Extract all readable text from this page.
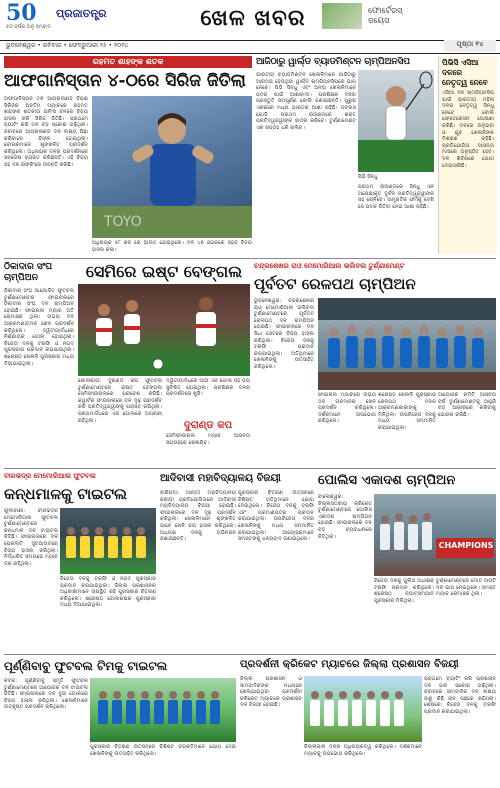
50
୫୦ ବର୍ଷର ଅନୁ ସମ୍ବାଦ
ପ୍ରଜାତନ୍ତ୍ର	ଖେଳ ଖବର	ଫୋର୍ଟେରସ୍
ଜୟେସ
ଭୁବନେଶ୍ୱର • ରବିବାର • ଫେବ୍ରୁଆରୀ ୨୫ • ୨୦୨୪	ପୃଷ୍ଠା ୧୪
ରହମତ ଶାହଙ୍କ ଶତକ
ଆଫଗାନିସ୍ତାନ ୪-୦ରେ ସିରିଜ ଜିତିଲା
ଅଫଗାନିସ୍ତାନ ଦଳ ଆୟରଲାଣ୍ଡ ବିପକ୍ଷ ସିରିଜର ଅନ୍ତିମ ମ୍ୟାଚରେ ରହମତ ଶାହଙ୍କ ଶତକୀୟ ଇନିଂସ ବଳରେ ବିଜୟ ହାସଲ କରି ସିରିଜ ଜିତିଛି। ପ୍ରଥମେ ବ୍ୟାଟିଂ କରି ଦଳ ବଡ଼ ସ୍କୋର ଗଢ଼ିଥିଲା। ଜବାବରେ ଆୟରଲାଣ୍ଡ ଦଳ ଲକ୍ଷ୍ୟ ପିଛା କରିବାରେ ବିଫଳ ହୋଇଥିଲା। ବୋଲରମାନେ ଶୃଙ୍ଖଳିତ ପ୍ରଦର୍ଶନ କରିଥିଲେ। ଅଧିନାୟକ ଦଳର ପ୍ରଦର୍ଶନରେ ସନ୍ତୋଷ ବ୍ୟକ୍ତ କରିଛନ୍ତି। ଏହି ବିଜୟ ସହ ଦଳ ରାଙ୍କିଂରେ ଉନ୍ନତି କରିଛି।
TOYO
ଅଧିନାୟକ ୫୮ ରନ ରେ ଆଉଟ ହୋଇଥିଲେ। ଦଳ ୪୭ ଓଭରରେ ସହଜ ବିଜୟ ହାସଲ କଲା।
ଆଜିଠାରୁ ୱାର୍ଲ୍ଡ ବ୍ୟାଡମିଣ୍ଟନ ଚାମ୍ପିଅନସିପ
ଭାରତୀୟ ବ୍ୟାଡମିଣ୍ଟନ ଖେଳାଳିମାନେ ଆଜିଠାରୁ ଆରମ୍ଭ ହେଉଥିବା ୱାର୍ଲ୍ଡ ଚାମ୍ପିଅନସିପରେ ଭାଗ ନେବେ। ପିଭି ସିନ୍ଧୁ ଏବଂ ଅନ୍ୟ ଖେଳାଳିମାନେ ପଦକ ପାଇଁ ଆଶାବାଦୀ। ପ୍ରଶିକ୍ଷକ ଦଳର ପ୍ରସ୍ତୁତି ସମ୍ପୂର୍ଣ୍ଣ ବୋଲି ଜଣାଇଛନ୍ତି। ପୁରୁଷ ଏକକରେ ମଧ୍ୟ ଭାରତର ଆଶା ରହିଛି। ଡବଲସ ଯୋଡ଼ି ପ୍ରଥମ ରାଉଣ୍ଡରେ ଶକ୍ତ ପ୍ରତିଦ୍ୱନ୍ଦ୍ୱୀଙ୍କ ସାମ୍ନା କରିବେ। ଟୁର୍ଣ୍ଣାମେଣ୍ଟ ଏକ ସପ୍ତାହ ଧରି ଚାଲିବ।
ପିଭି ସିନ୍ଧୁ
ପ୍ରଥମ ରାଉଣ୍ଡରେ ସିନ୍ଧୁ ଏକ ଅପେକ୍ଷାକୃତ ଦୁର୍ବଳ ପ୍ରତିଦ୍ୱନ୍ଦ୍ୱୀଙ୍କ ସହ ଖେଳିବେ। ସାମ୍ପ୍ରତିକ ଫର୍ମକୁ ଦେଖି ସେ ପଦକ ଜିତିବା ନେଇ ଆଶା ରହିଛି।
ପିଭିସି ଏସିଆ ଦଳରେ
ନେତୃତ୍ୱ ନେବେ
ଏସିଆ ଦଳ ଚାମ୍ପିଅନସିପ ପାଇଁ ଭାରତୀୟ ମହିଳା ଦଳର ନେତୃତ୍ୱ ସିନ୍ଧୁ ନେବେ ବୋଲି ଫେଡେରେସନ ଘୋଷଣା କରିଛି। ଦଳରେ ଅନୁଭବୀ ଓ ଯୁବ ଖେଳାଳିଙ୍କ ମିଶ୍ରଣ ରହିଛି। ପ୍ରତିଯୋଗିତା ଆସନ୍ତା ମାସରେ ଅନୁଷ୍ଠିତ ହେବ। ଦଳ ଶିବିରରେ ଯୋଗ ଦେଇସାରିଛି।
ଠିକାଦାର ସଂଘ ଚାମ୍ପିଅନ
ଠିକାଦାର ସଂଘ ଆୟୋଜିତ ଫୁଟବଲ ଟୁର୍ଣ୍ଣାମେଣ୍ଟର ଫାଇନାଲରେ ଠିକାଦାର ସଂଘ ଦଳ ଚାମ୍ପିଅନ ହୋଇଛି। ଫାଇନାଲ ମ୍ୟାଚ ଅତି ରୋମାଞ୍ଚକ ଥିଲା। ଉଭୟ ଦଳ ଆକ୍ରମଣାତ୍ମକ ଖେଳ ପ୍ରଦର୍ଶନ କରିଥିଲେ। ଦ୍ୱିତୀୟାର୍ଦ୍ଧରେ ନିର୍ଣ୍ଣାୟକ ଗୋଲ ହୋଇଥିଲା। ବିଜେତା ଦଳକୁ ଟ୍ରଫି ଓ ନଗଦ ପୁରସ୍କାର ପ୍ରଦାନ କରାଯାଇଥିଲା। ଶ୍ରେଷ୍ଠ ଖେଳାଳି ପୁରସ୍କାର ମଧ୍ୟ ଦିଆଯାଇଥିଲା।
ସେମିରେ ଇଷ୍ଟ ବେଙ୍ଗଲ
କୋଲକାତା: ଦୁରାଣ୍ଡ କପ ଫୁଟବଲ ଟୁର୍ଣ୍ଣାମେଣ୍ଟରେ ଇଷ୍ଟ ବେଙ୍ଗଲ ସେମିଫାଇନାଲରେ ପ୍ରବେଶ କରିଛି। କ୍ୱାର୍ଟର ଫାଇନାଲରେ ଦଳ ଦୃଢ଼ ପ୍ରଦର୍ଶନ କରି ପ୍ରତିଦ୍ୱନ୍ଦ୍ୱୀଙ୍କୁ ପରାସ୍ତ କରିଥିଲା। ପ୍ରଥମାର୍ଦ୍ଧରେ ଏକ ଗୋଲରେ ଅଗ୍ରଣୀ ରହିଥିଲା।
ଦ୍ୱିତୀୟାର୍ଦ୍ଧରେ ଆଉ ଏକ ଗୋଲ ସହ ଜୟ ସୁନିଶ୍ଚିତ ହୋଇଥିଲା। ପ୍ରଶିକ୍ଷକ ଦଳର ପ୍ରଦର୍ଶନରେ ଖୁସି।
ଦୁରାଣ୍ଡ କପ
ସେମିଫାଇନାଲ ମ୍ୟାଚ ଆସନ୍ତା ସପ୍ତାହରେ ଖେଳାଯିବ।
ଚନ୍ଦ୍ରଶେଖର ରାଓ ମେମୋରିଆଲ ଭଲିବଲ ଟୁର୍ଣ୍ଣାମେଣ୍ଟ
ପୂର୍ବତଟ ରେଳପଥ ଚାମ୍ପିଅନ
ଭୁବନେଶ୍ୱର: ଚନ୍ଦ୍ରଶେଖର ରାଓ ମେମୋରିଆଲ ଭଲିବଲ ଟୁର୍ଣ୍ଣାମେଣ୍ଟରେ ପୂର୍ବତଟ ରେଳପଥ ଦଳ ଚାମ୍ପିଅନ ହୋଇଛି। ଫାଇନାଲରେ ଦଳ ସିଧା ସେଟରେ ବିଜୟ ହାସଲ କରିଥିଲା। ବିଜେତା ଦଳକୁ ଟ୍ରଫି ପ୍ରଦାନ କରାଯାଇଥିଲା। ଅତିଥିମାନେ ଖେଳାଳିଙ୍କୁ ଉତ୍ସାହିତ କରିଥିଲେ।
ଫାଇନାଲ ମ୍ୟାଚରେ ଉଭୟ ଦଳ ଉଚ୍ଚମାନର ଖେଳ ପ୍ରଦର୍ଶନ କରିଥିଲେ। ଦର୍ଶକମାନେ ଉପଭୋଗ କରିଥିଲେ।
ଶ୍ରେଷ୍ଠ ଖେଳାଳି ପୁରସ୍କାର ରେଳପଥ ଦଳର ଆକ୍ରମଣକାରୀଙ୍କୁ ମିଳିଥିଲା। ଉପବିଜେତା ଦଳକୁ ମଧ୍ୟ ସମ୍ମାନିତ କରାଯାଇଥିଲା।
ଆୟୋଜକ କମିଟି ଆସନ୍ତା ବର୍ଷ ଟୁର୍ଣ୍ଣାମେଣ୍ଟକୁ ଆହୁରି ବଡ଼ ଆକାରରେ କରିବାକୁ ଯୋଜନା କରିଛି।
ବୀରଭଦ୍ର ମେମୋରିଆଲ ଫୁଟବଲ
କନ୍ଧମାଳକୁ ଟାଇଟଲ
ଫୁଲବାଣୀ: ବୀରଭଦ୍ର ମେମୋରିଆଲ ଫୁଟବଲ ଟୁର୍ଣ୍ଣାମେଣ୍ଟରେ କନ୍ଧମାଳ ଦଳ ଟାଇଟଲ ଜିତିଛି। ଫାଇନାଲରେ ଦଳ ପେନାଲ୍ଟି ସୁଟଆଉଟରେ ବିଜୟ ହାସଲ କରିଥିଲା। ନିର୍ଦ୍ଧାରିତ ସମୟରେ ମ୍ୟାଚ ଡ୍ର ରହିଥିଲା।
ବିଜେତା ଦଳକୁ ଟ୍ରଫି ଓ ନଗଦ ପୁରସ୍କାର ପ୍ରଦାନ କରାଯାଇଥିଲା। ଜିଲ୍ଲା ପ୍ରଶାସନର ଅଧିକାରୀମାନେ ଉପସ୍ଥିତ ରହି ପୁରସ୍କାର ବିତରଣ କରିଥିଲେ। ଶ୍ରେଷ୍ଠ ଗୋଲରକ୍ଷକ ପୁରସ୍କାର ମଧ୍ୟ ଦିଆଯାଇଥିଲା।
ଆଦିବାସୀ ମହାବିଦ୍ୟାଳୟ ବିଜୟୀ
ବାରିପଦା: ଆନ୍ତଃ ମହାବିଦ୍ୟାଳୟ କ୍ରୀଡ଼ା ପ୍ରତିଯୋଗିତାରେ ଆଦିବାସୀ ମହାବିଦ୍ୟାଳୟ ବିଜୟୀ ହୋଇଛି। ଫାଇନାଲରେ ଦଳ ଦୃଢ଼ ପ୍ରଦର୍ଶନ କରିଥିଲା। ଖେଳାଳିମାନେ ଶୃଙ୍ଖଳିତ ଭାବେ ଖେଳି ଜୟ ହାସଲ କରିଥିଲେ। ଅଧ୍ୟକ୍ଷ ଦଳକୁ ଅଭିନନ୍ଦନ ଜଣାଇଛନ୍ତି।
ପୁରସ୍କାର ବିତରଣ ଉତ୍ସବରେ ବିଶିଷ୍ଟ ଅତିଥିମାନେ ଯୋଗ ଦେଇଥିଲେ। ବିଜେତା ଦଳକୁ ଟ୍ରଫି ଏବଂ ପ୍ରମାଣପତ୍ର ପ୍ରଦାନ କରାଯାଇଥିଲା। ଉପବିଜେତା ଦଳର ଖେଳାଳିଙ୍କୁ ମଧ୍ୟ ସମ୍ମାନିତ କରାଯାଇଥିଲା। ଆୟୋଜକମାନେ ସମସ୍ତଙ୍କୁ ଧନ୍ୟବାଦ ଜଣାଇଥିଲେ।
ପୋଲିସ ଏକାଦଶ ଚାମ୍ପିଅନ
ବାଲେଶ୍ୱର: ଜିଲ୍ଲାସ୍ତରୀୟ କ୍ରିକେଟ ଟୁର୍ଣ୍ଣାମେଣ୍ଟରେ ପୋଲିସ ଏକାଦଶ ଚାମ୍ପିଅନ ହୋଇଛି। ଫାଇନାଲରେ ଦଳ ବଡ଼ ବ୍ୟବଧାନରେ ଜିତିଥିଲା।
CHAMPIONS
ବିଜେତା ଦଳକୁ ପୁଲିସ ଅଧୀକ୍ଷକ ଟ୍ରଫି ପ୍ରଦାନ କରିଥିଲେ। ଶ୍ରେଷ୍ଠ ବ୍ୟାଟ୍ସମ୍ୟାନ ପୁରସ୍କାର ମିଳିଥିଲା।
ଟୁର୍ଣ୍ଣାମେଣ୍ଟରେ ମୋଟ ଆଠଟି ଦଳ ଭାଗ ନେଇଥିଲେ। ସମସ୍ତ ମ୍ୟାଚ ରୋମାଞ୍ଚକ ଥିଲା।
ପୂର୍ଣ୍ଣିବାବୁ ଫୁଟବଲ ଟିମକୁ ଟାଇଟଲ
କଟକ: ପୂର୍ଣ୍ଣିବାବୁ ସ୍ମୃତି ଫୁଟବଲ ଟୁର୍ଣ୍ଣାମେଣ୍ଟରେ ଆୟୋଜକ ଦଳ ଟାଇଟଲ ଜିତିଛି। ଫାଇନାଲରେ ଦଳ ଦୁଇ ଗୋଲରେ ବିଜୟ ହାସଲ କରିଥିଲା। ଖେଳାଳିମାନେ ଉତ୍କୃଷ୍ଟ ପ୍ରଦର୍ଶନ କରିଥିଲେ।
ପୁରସ୍କାର ବିତରଣ ଉତ୍ସବରେ ବିଶିଷ୍ଟ ବ୍ୟକ୍ତିମାନେ ଯୋଗ ଦେଇ ଖେଳାଳିଙ୍କୁ ଉତ୍ସାହିତ କରିଥିଲେ।
ପ୍ରଦର୍ଶନୀ କ୍ରିକେଟ ମ୍ୟାଚରେ ଜିଲ୍ଲା ପ୍ରଶାସନ ବିଜୟୀ
ଜିଲ୍ଲା ପ୍ରଶାସନ ଓ ସାମ୍ବାଦିକଙ୍କ ମଧ୍ୟରେ ଖେଳାଯାଇଥିବା ପ୍ରଦର୍ଶନୀ କ୍ରିକେଟ ମ୍ୟାଚରେ ପ୍ରଶାସନ ଦଳ ବିଜୟୀ ହୋଇଛି।
ଜିଲ୍ଲାପାଳ ଦଳର ଅଧିନାୟକତ୍ୱ କରିଥିଲେ। ଦର୍ଶକମାନେ ମ୍ୟାଚକୁ ଉପଭୋଗ କରିଥିଲେ।
ପ୍ରଥମେ ବ୍ୟାଟିଂ କରି ପ୍ରଶାସନ ଦଳ ଭଲ ସ୍କୋର ଗଢ଼ିଥିଲା। ଜବାବରେ ସାମ୍ବାଦିକ ଦଳ ଲକ୍ଷ୍ୟ ଠାରୁ କିଛି ରନ ପଛରେ ରହିଗଲା। ଶେଷରେ ବିଜେତା ଦଳକୁ ଟ୍ରଫି ପ୍ରଦାନ କରାଯାଇଥିଲା।
